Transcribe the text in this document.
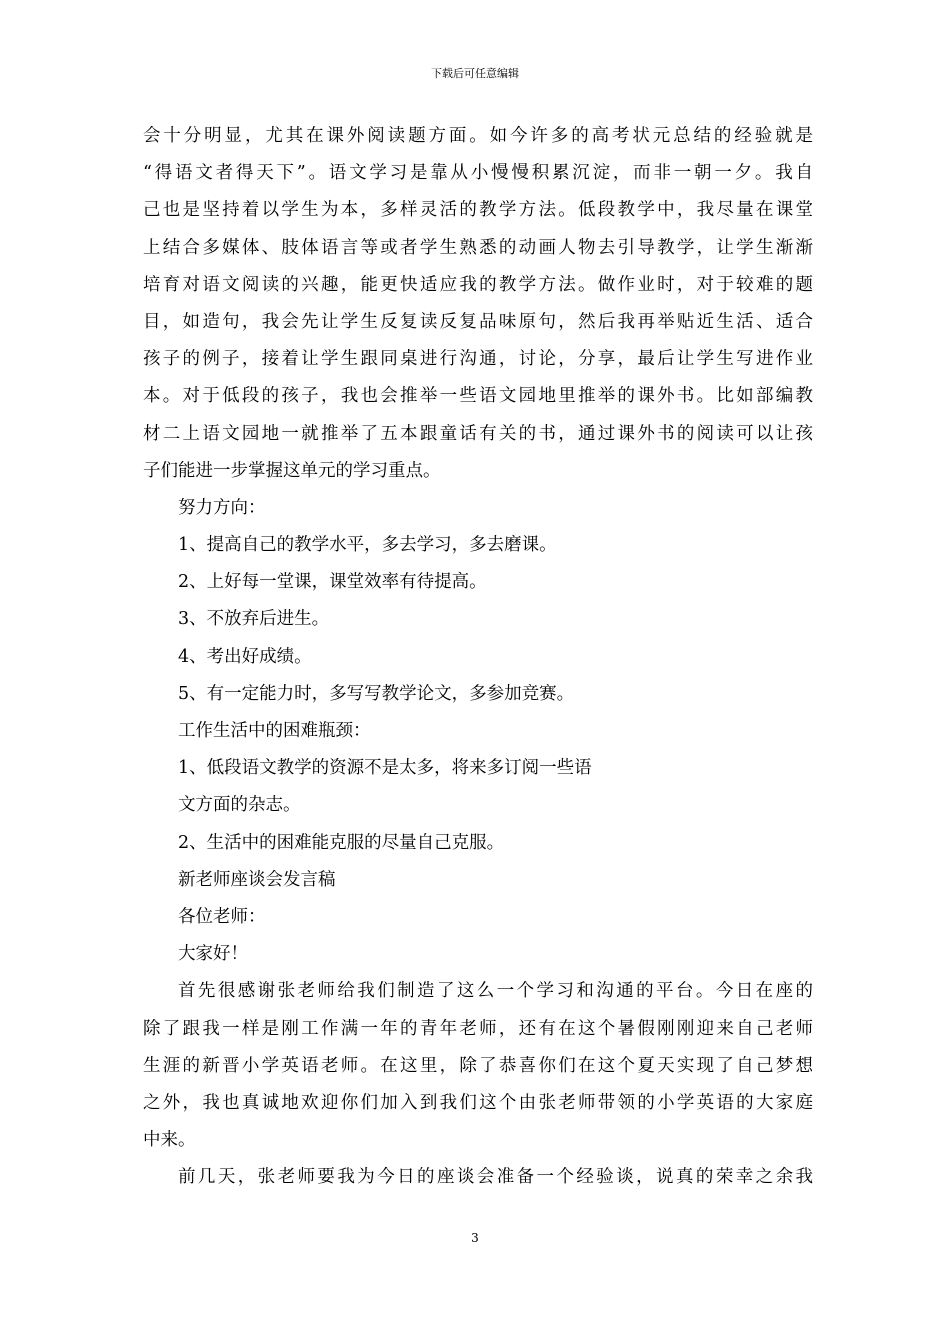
下载后可任意编辑
会十分明显，尤其在课外阅读题方面。如今许多的高考状元总结的经验就是
“得语文者得天下”。语文学习是靠从小慢慢积累沉淀，而非一朝一夕。我自
己也是坚持着以学生为本，多样灵活的教学方法。低段教学中，我尽量在课堂
上结合多媒体、肢体语言等或者学生熟悉的动画人物去引导教学，让学生渐渐
培育对语文阅读的兴趣，能更快适应我的教学方法。做作业时，对于较难的题
目，如造句，我会先让学生反复读反复品味原句，然后我再举贴近生活、适合
孩子的例子，接着让学生跟同桌进行沟通，讨论，分享，最后让学生写进作业
本。对于低段的孩子，我也会推举一些语文园地里推举的课外书。比如部编教
材二上语文园地一就推举了五本跟童话有关的书，通过课外书的阅读可以让孩
子们能进一步掌握这单元的学习重点。
努力方向：
1、提高自己的教学水平，多去学习，多去磨课。
2、上好每一堂课，课堂效率有待提高。
3、不放弃后进生。
4、考出好成绩。
5、有一定能力时，多写写教学论文，多参加竞赛。
工作生活中的困难瓶颈：
1、低段语文教学的资源不是太多，将来多订阅一些语
文方面的杂志。
2、生活中的困难能克服的尽量自己克服。
新老师座谈会发言稿
各位老师：
大家好！
首先很感谢张老师给我们制造了这么一个学习和沟通的平台。今日在座的
除了跟我一样是刚工作满一年的青年老师，还有在这个暑假刚刚迎来自己老师
生涯的新晋小学英语老师。在这里，除了恭喜你们在这个夏天实现了自己梦想
之外，我也真诚地欢迎你们加入到我们这个由张老师带领的小学英语的大家庭
中来。
前几天，张老师要我为今日的座谈会准备一个经验谈，说真的荣幸之余我
3
